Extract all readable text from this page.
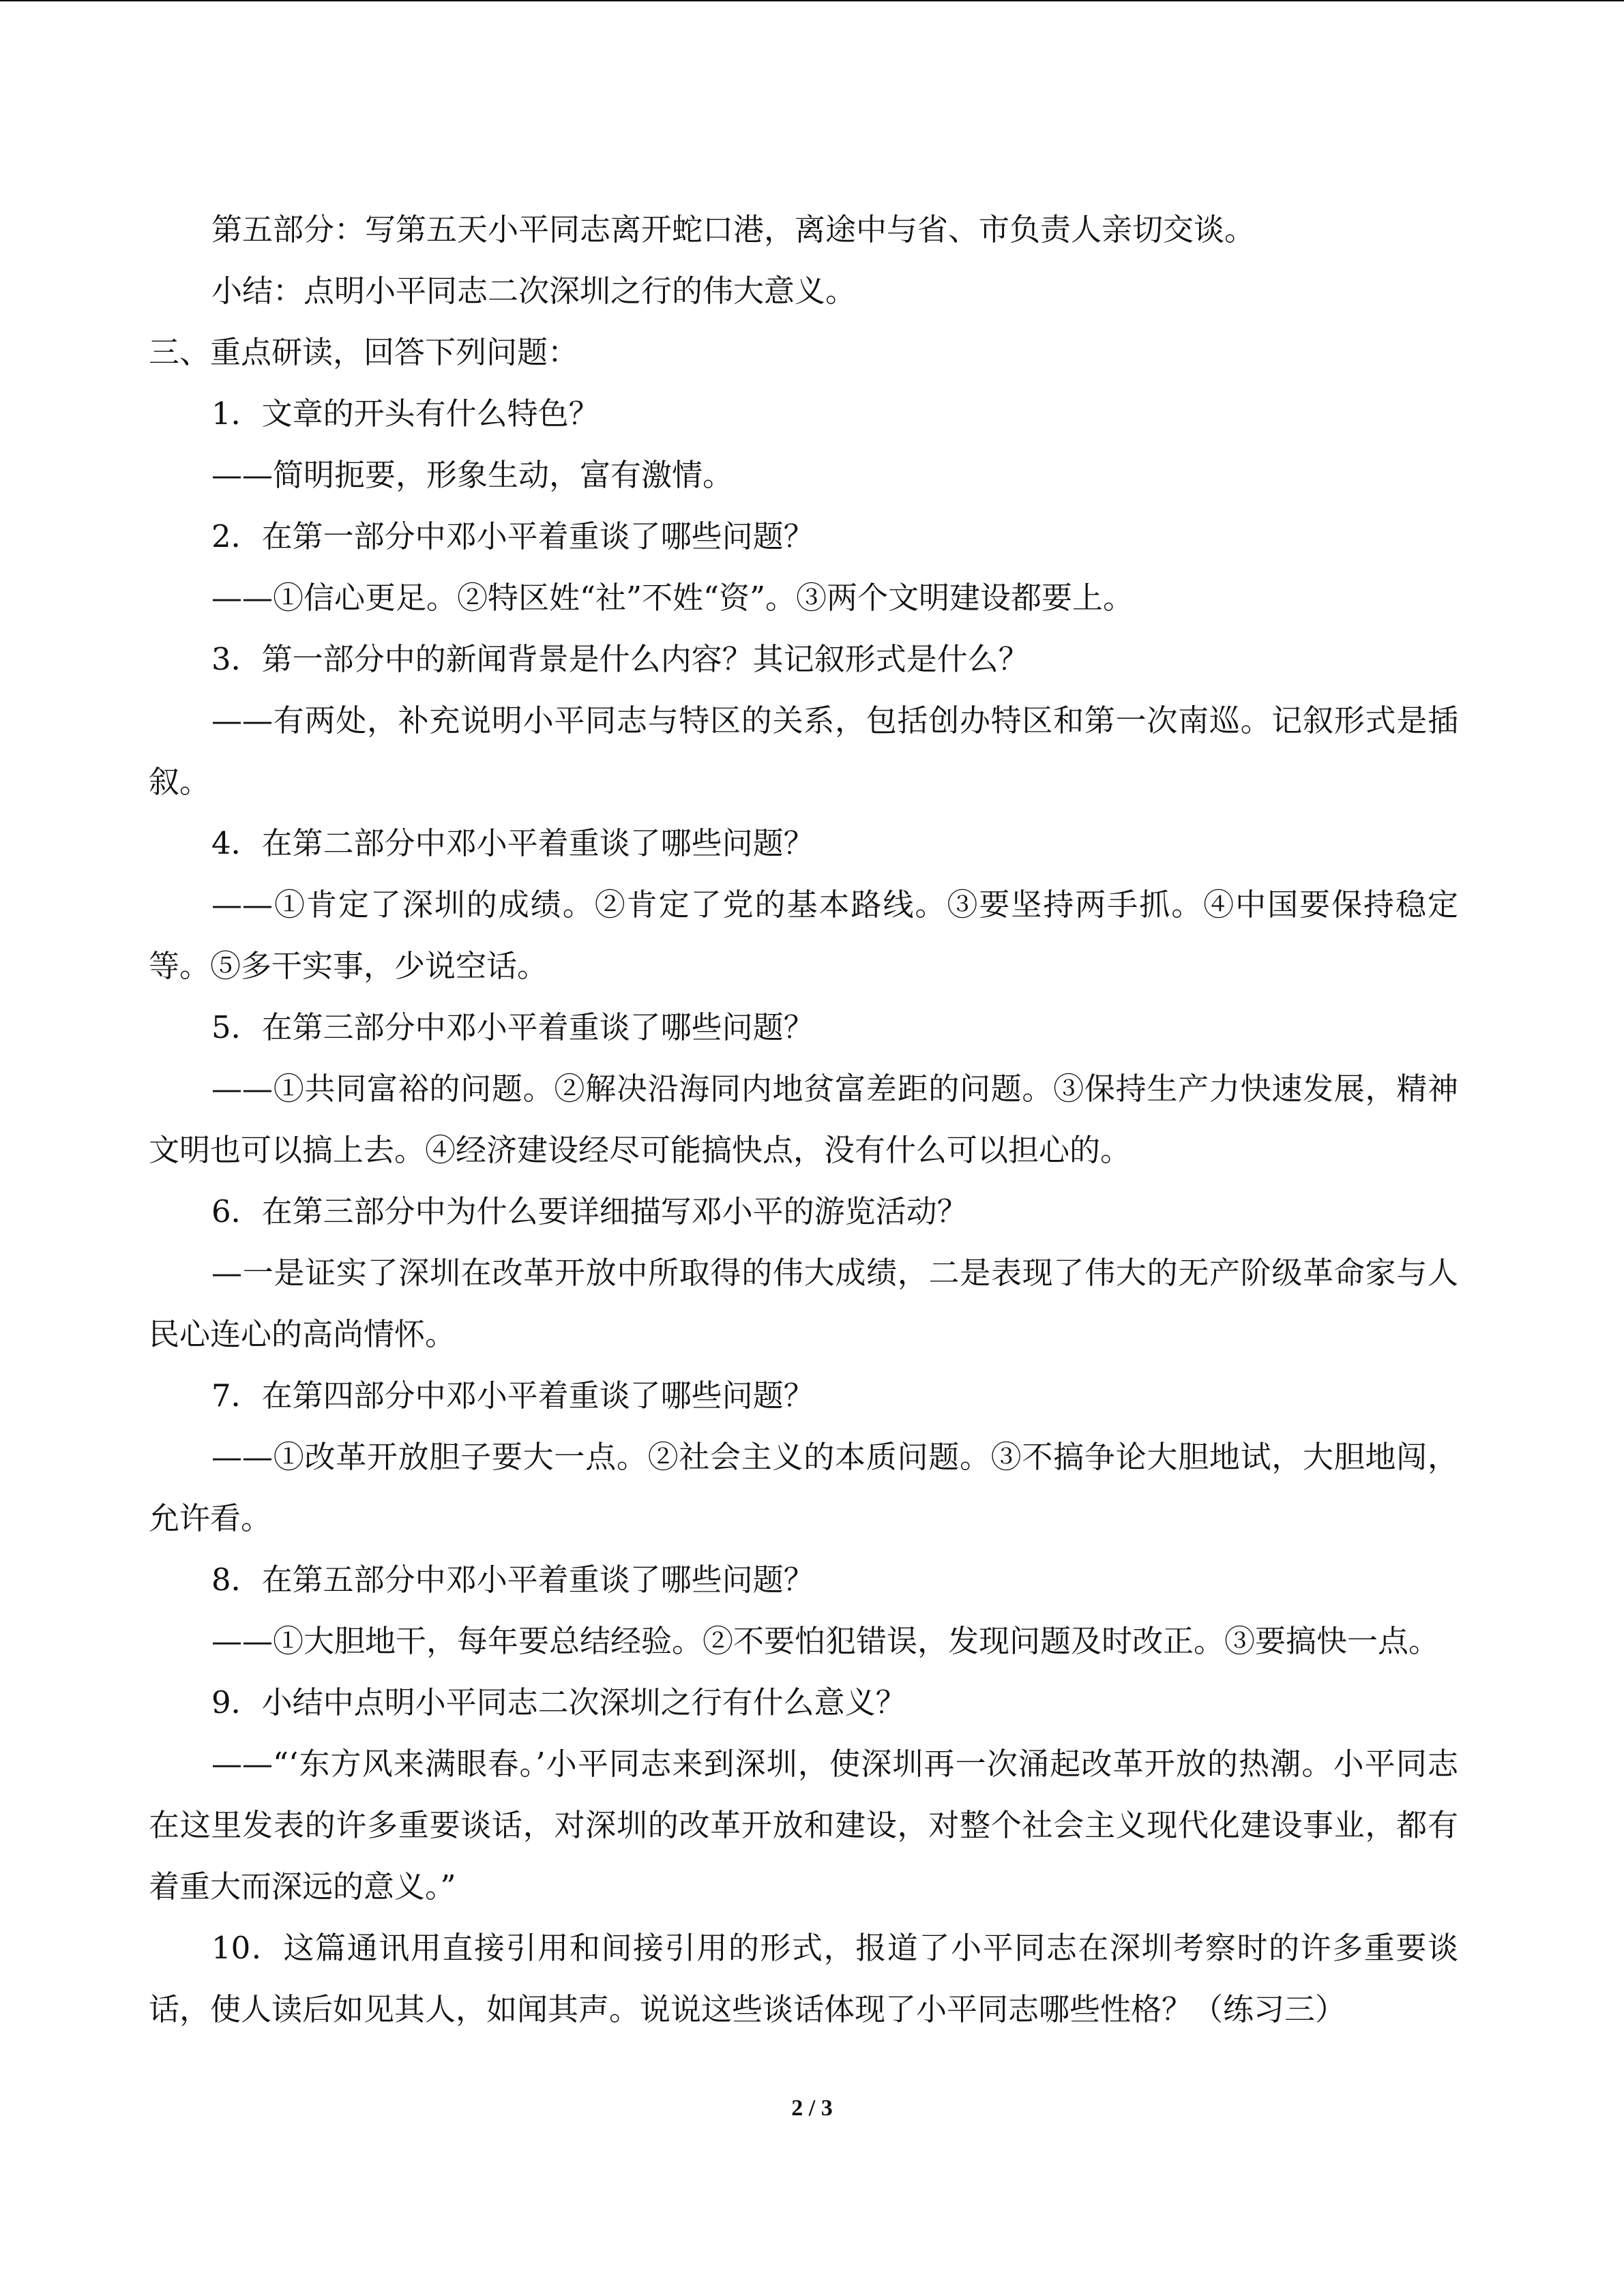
第五部分：写第五天小平同志离开蛇口港，离途中与省、市负责人亲切交谈。

小结：点明小平同志二次深圳之行的伟大意义。

三、重点研读，回答下列问题：

1．文章的开头有什么特色？

——简明扼要，形象生动，富有激情。

2．在第一部分中邓小平着重谈了哪些问题？

——①信心更足。②特区姓“社”不姓“资”。③两个文明建设都要上。

3．第一部分中的新闻背景是什么内容？其记叙形式是什么？

——有两处，补充说明小平同志与特区的关系，包括创办特区和第一次南巡。记叙形式是插叙。

4．在第二部分中邓小平着重谈了哪些问题？

——①肯定了深圳的成绩。②肯定了党的基本路线。③要坚持两手抓。④中国要保持稳定等。⑤多干实事，少说空话。

5．在第三部分中邓小平着重谈了哪些问题？

——①共同富裕的问题。②解决沿海同内地贫富差距的问题。③保持生产力快速发展，精神文明也可以搞上去。④经济建设经尽可能搞快点，没有什么可以担心的。

6．在第三部分中为什么要详细描写邓小平的游览活动？

—一是证实了深圳在改革开放中所取得的伟大成绩，二是表现了伟大的无产阶级革命家与人民心连心的高尚情怀。

7．在第四部分中邓小平着重谈了哪些问题？

——①改革开放胆子要大一点。②社会主义的本质问题。③不搞争论大胆地试，大胆地闯，允许看。

8．在第五部分中邓小平着重谈了哪些问题？

——①大胆地干，每年要总结经验。②不要怕犯错误，发现问题及时改正。③要搞快一点。

9．小结中点明小平同志二次深圳之行有什么意义？

——“‘东方风来满眼春。’小平同志来到深圳，使深圳再一次涌起改革开放的热潮。小平同志在这里发表的许多重要谈话，对深圳的改革开放和建设，对整个社会主义现代化建设事业，都有着重大而深远的意义。”

10．这篇通讯用直接引用和间接引用的形式，报道了小平同志在深圳考察时的许多重要谈话，使人读后如见其人，如闻其声。说说这些谈话体现了小平同志哪些性格？（练习三）

2 / 3
